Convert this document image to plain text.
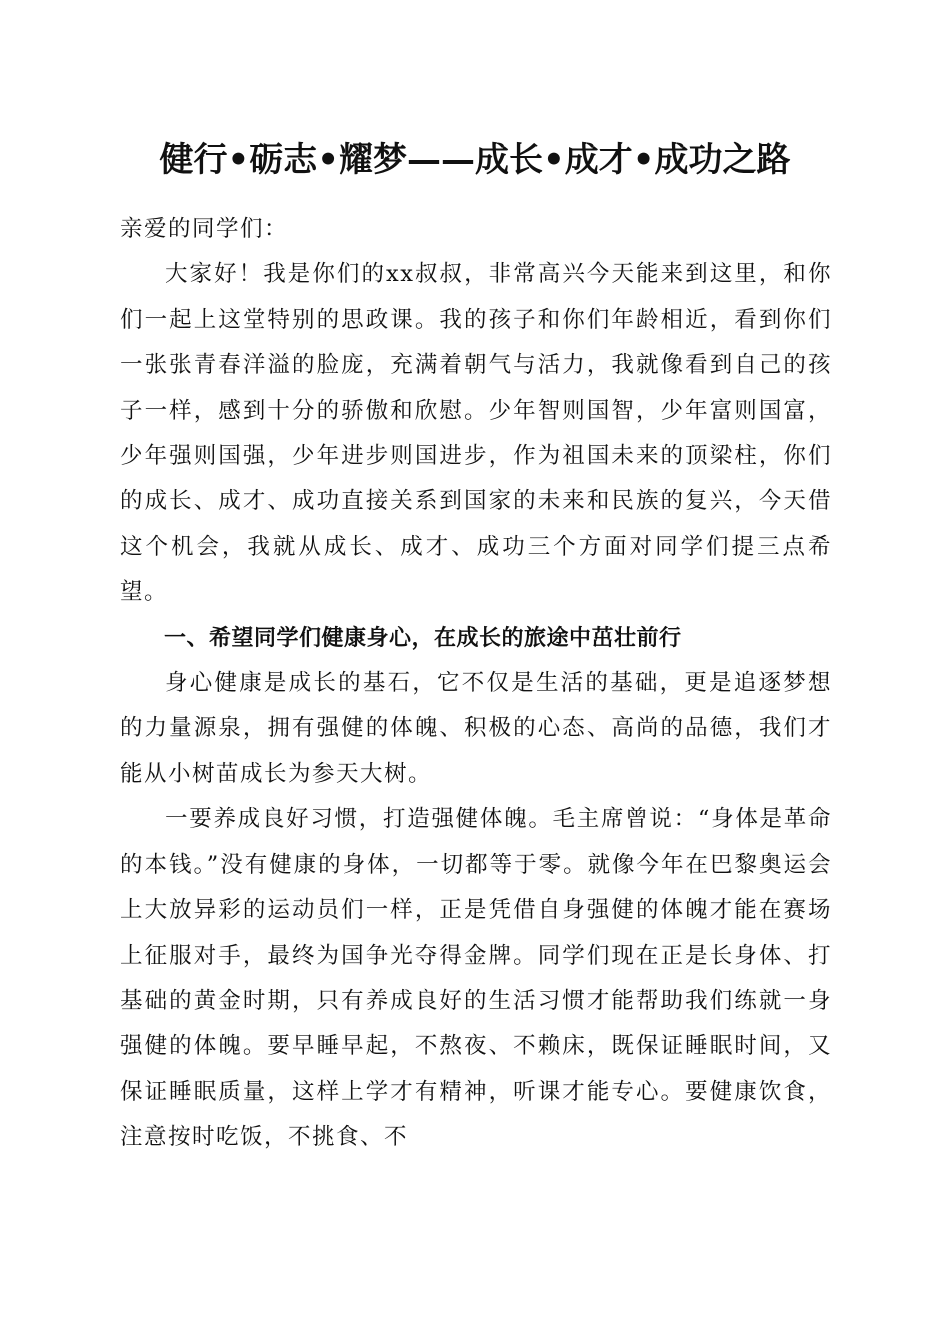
健行•砺志•耀梦——成长•成才•成功之路

亲爱的同学们：

大家好！我是你们的xx叔叔，非常高兴今天能来到这里，和你们一起上这堂特别的思政课。我的孩子和你们年龄相近，看到你们一张张青春洋溢的脸庞，充满着朝气与活力，我就像看到自己的孩子一样，感到十分的骄傲和欣慰。少年智则国智，少年富则国富，少年强则国强，少年进步则国进步，作为祖国未来的顶梁柱，你们的成长、成才、成功直接关系到国家的未来和民族的复兴，今天借这个机会，我就从成长、成才、成功三个方面对同学们提三点希望。

一、希望同学们健康身心，在成长的旅途中茁壮前行

身心健康是成长的基石，它不仅是生活的基础，更是追逐梦想的力量源泉，拥有强健的体魄、积极的心态、高尚的品德，我们才能从小树苗成长为参天大树。

一要养成良好习惯，打造强健体魄。毛主席曾说：“身体是革命的本钱。”没有健康的身体，一切都等于零。就像今年在巴黎奥运会上大放异彩的运动员们一样，正是凭借自身强健的体魄才能在赛场上征服对手，最终为国争光夺得金牌。同学们现在正是长身体、打基础的黄金时期，只有养成良好的生活习惯才能帮助我们练就一身强健的体魄。要早睡早起，不熬夜、不赖床，既保证睡眠时间，又保证睡眠质量，这样上学才有精神，听课才能专心。要健康饮食，注意按时吃饭，不挑食、不
